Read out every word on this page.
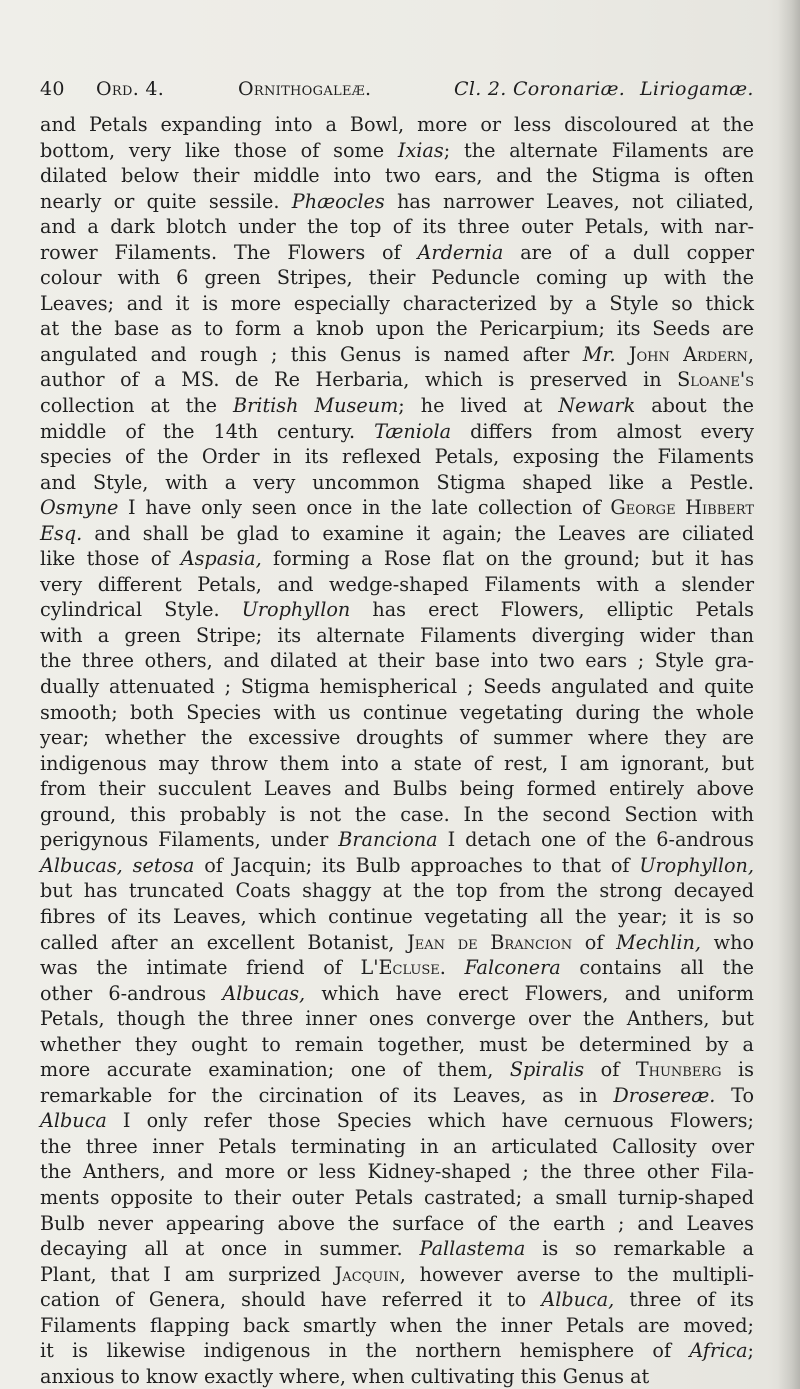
40 Ord. 4.	Ornithogaleæ.	Cl. 2. Coronariæ. Liriogamæ.
and Petals expanding into a Bowl, more or less discoloured at the
bottom, very like those of some Ixias; the alternate Filaments are
dilated below their middle into two ears, and the Stigma is often
nearly or quite sessile. Phæocles has narrower Leaves, not ciliated,
and a dark blotch under the top of its three outer Petals, with nar-
rower Filaments. The Flowers of Ardernia are of a dull copper
colour with 6 green Stripes, their Peduncle coming up with the
Leaves; and it is more especially characterized by a Style so thick
at the base as to form a knob upon the Pericarpium; its Seeds are
angulated and rough ; this Genus is named after Mr. John Ardern,
author of a MS. de Re Herbaria, which is preserved in Sloane's
collection at the British Museum; he lived at Newark about the
middle of the 14th century. Tæniola differs from almost every
species of the Order in its reflexed Petals, exposing the Filaments
and Style, with a very uncommon Stigma shaped like a Pestle.
Osmyne I have only seen once in the late collection of George Hibbert
Esq. and shall be glad to examine it again; the Leaves are ciliated
like those of Aspasia, forming a Rose flat on the ground; but it has
very different Petals, and wedge-shaped Filaments with a slender
cylindrical Style. Urophyllon has erect Flowers, elliptic Petals
with a green Stripe; its alternate Filaments diverging wider than
the three others, and dilated at their base into two ears ; Style gra-
dually attenuated ; Stigma hemispherical ; Seeds angulated and quite
smooth; both Species with us continue vegetating during the whole
year; whether the excessive droughts of summer where they are
indigenous may throw them into a state of rest, I am ignorant, but
from their succulent Leaves and Bulbs being formed entirely above
ground, this probably is not the case. In the second Section with
perigynous Filaments, under Branciona I detach one of the 6-androus
Albucas, setosa of Jacquin; its Bulb approaches to that of Urophyllon,
but has truncated Coats shaggy at the top from the strong decayed
fibres of its Leaves, which continue vegetating all the year; it is so
called after an excellent Botanist, Jean de Brancion of Mechlin, who
was the intimate friend of L'Ecluse. Falconera contains all the
other 6-androus Albucas, which have erect Flowers, and uniform
Petals, though the three inner ones converge over the Anthers, but
whether they ought to remain together, must be determined by a
more accurate examination; one of them, Spiralis of Thunberg is
remarkable for the circination of its Leaves, as in Drosereæ. To
Albuca I only refer those Species which have cernuous Flowers;
the three inner Petals terminating in an articulated Callosity over
the Anthers, and more or less Kidney-shaped ; the three other Fila-
ments opposite to their outer Petals castrated; a small turnip-shaped
Bulb never appearing above the surface of the earth ; and Leaves
decaying all at once in summer. Pallastema is so remarkable a
Plant, that I am surprized Jacquin, however averse to the multipli-
cation of Genera, should have referred it to Albuca, three of its
Filaments flapping back smartly when the inner Petals are moved;
it is likewise indigenous in the northern hemisphere of Africa;
anxious to know exactly where, when cultivating this Genus at
